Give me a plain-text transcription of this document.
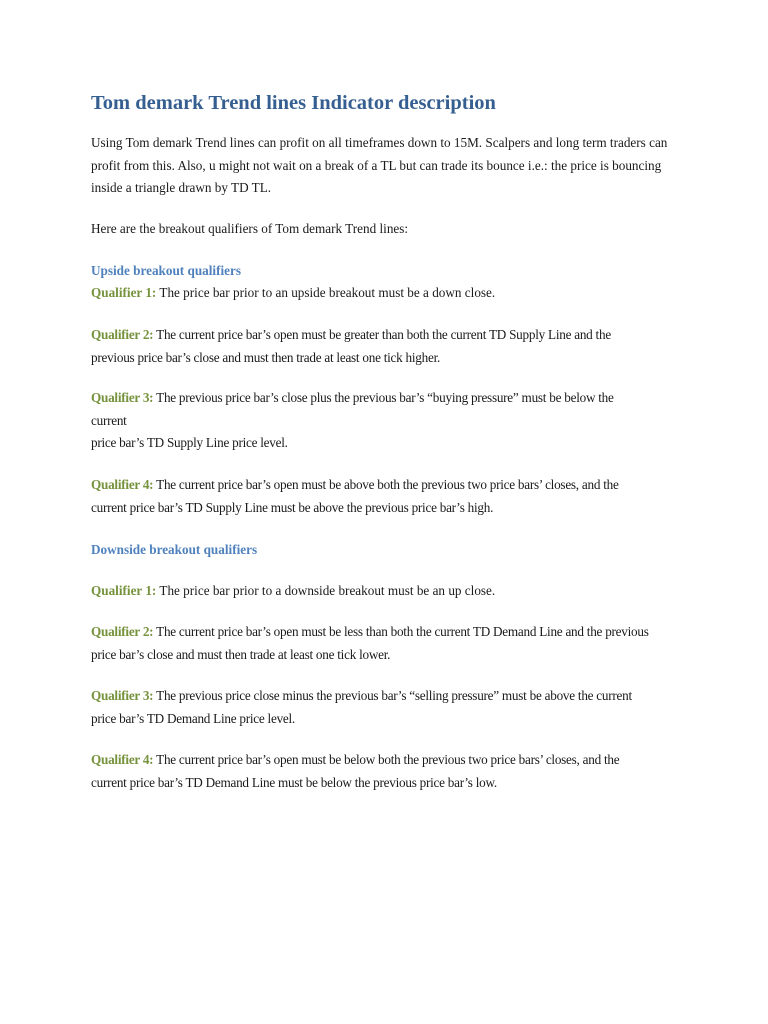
Tom demark Trend lines Indicator description

Using Tom demark Trend lines can profit on all timeframes down to 15M. Scalpers and long term traders can
profit from this. Also, u might not wait on a break of a TL but can trade its bounce i.e.: the price is bouncing
inside a triangle drawn by TD TL.

Here are the breakout qualifiers of Tom demark Trend lines:

Upside breakout qualifiers

Qualifier 1: The price bar prior to an upside breakout must be a down close.

Qualifier 2: The current price bar’s open must be greater than both the current TD Supply Line and the
previous price bar’s close and must then trade at least one tick higher.

Qualifier 3: The previous price bar’s close plus the previous bar’s “buying pressure” must be below the
current
price bar’s TD Supply Line price level.

Qualifier 4: The current price bar’s open must be above both the previous two price bars’ closes, and the
current price bar’s TD Supply Line must be above the previous price bar’s high.

Downside breakout qualifiers

Qualifier 1: The price bar prior to a downside breakout must be an up close.

Qualifier 2: The current price bar’s open must be less than both the current TD Demand Line and the previous
price bar’s close and must then trade at least one tick lower.

Qualifier 3: The previous price close minus the previous bar’s “selling pressure” must be above the current
price bar’s TD Demand Line price level.

Qualifier 4: The current price bar’s open must be below both the previous two price bars’ closes, and the
current price bar’s TD Demand Line must be below the previous price bar’s low.
